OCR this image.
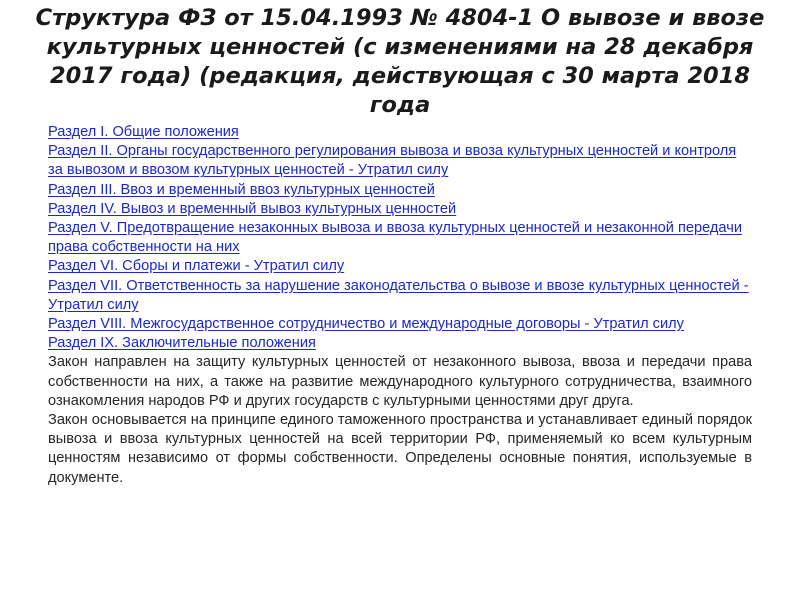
Структура ФЗ от 15.04.1993 № 4804-1 О вывозе и ввозе культурных ценностей (с изменениями на 28 декабря 2017 года) (редакция, действующая с 30 марта 2018 года
Раздел I. Общие положения
Раздел II. Органы государственного регулирования вывоза и ввоза культурных ценностей и контроля за вывозом и ввозом культурных ценностей - Утратил силу
Раздел III. Ввоз и временный ввоз культурных ценностей
Раздел IV. Вывоз и временный вывоз культурных ценностей
Раздел V. Предотвращение незаконных вывоза и ввоза культурных ценностей и незаконной передачи права собственности на них
Раздел VI. Сборы и платежи - Утратил силу
Раздел VII. Ответственность за нарушение законодательства о вывозе и ввозе культурных ценностей - Утратил силу
Раздел VIII. Межгосударственное сотрудничество и международные договоры - Утратил силу
Раздел IX. Заключительные положения

Закон направлен на защиту культурных ценностей от незаконного вывоза, ввоза и передачи права собственности на них, а также на развитие международного культурного сотрудничества, взаимного ознакомления народов РФ и других государств с культурными ценностями друг друга.

Закон основывается на принципе единого таможенного пространства и устанавливает единый порядок вывоза и ввоза культурных ценностей на всей территории РФ, применяемый ко всем культурным ценностям независимо от формы собственности. Определены основные понятия, используемые в документе.
